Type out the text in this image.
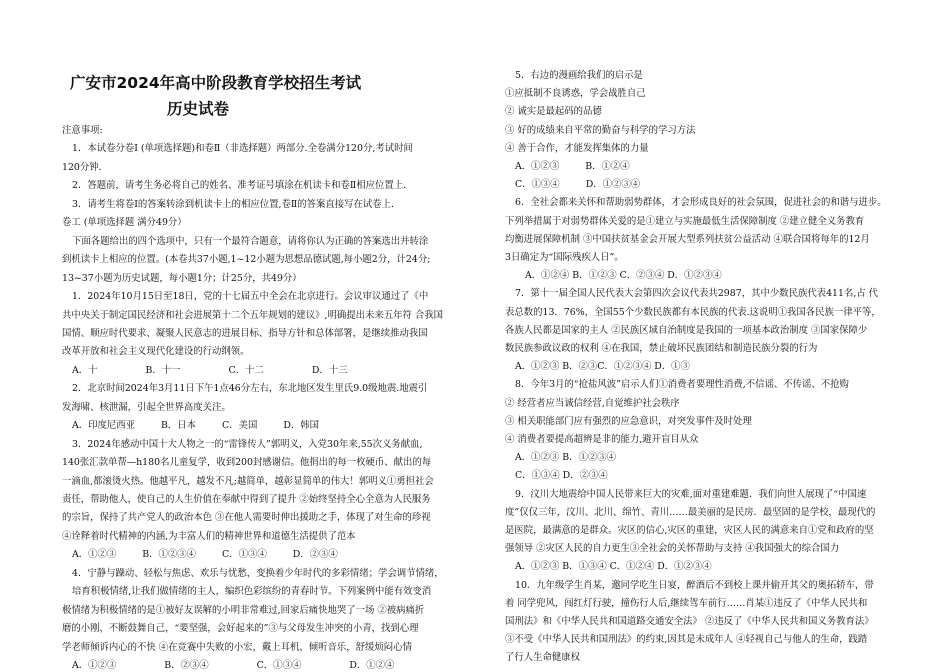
广安市2024年高中阶段教育学校招生考试
历史试卷
注意事项:
1．本试卷分卷Ⅰ (单项选择题)和卷Ⅱ（非选择题）两部分.全卷满分120分,考试时间
120分钟．
2．答题前，请考生务必将自己的姓名、准考证号填涂在机读卡和卷Ⅱ相应位置上．
3．请考生将卷Ⅰ的答案转涂到机读卡上的相应位置,卷Ⅱ的答案直接写在试卷上．
卷工 (单项选择题 满分49分）
下面各题给出的四个选项中，只有一个最符合题意，请将你认为正确的答案选出并转涂
到机读卡上相应的位置。(本卷共37小题,1~12小题为思想品德试题,每小题2分，计24分;
13~37小题为历史试题，每小题1分；计25分，共49分）
1．2024年10月15日至18日，党的十七届五中全会在北京进行。会议审议通过了《中
共中央关于制定国民经济和社会进展第十二个五年规划的建议》,明确提出未来五年符 合我国
国情、顺应时代要求、凝聚人民意志的进展目标、指导方针和总体部署，是继续推动我国
改革开放和社会主义现代化建设的行动纲领。
A．十	B．十一	C．十二	D．十三
2．北京时间2024年3月11日下午1点46分左右，东北地区发生里氏9.0级地震.地震引
发海啸、核泄漏，引起全世界高度关注。
A．印度尼西亚	B．日本	C．美国	D．韩国
3．2024年感动中国十大人物之一的“雷锋传人”郭明义，入党30年来,55次义务献血,
140张汇款单帮—h180名儿童复学，收到200封感谢信。他捐出的每一枚硬币、献出的每
一滴血,都滚烫火热。他越平凡，越发不凡;越简单，越彰显简单的伟大！郭明义①勇担社会
责任，帮助他人，使自己的人生价值在奉献中得到了提升 ②始终坚持全心全意为人民服务
的宗旨，保持了共产党人的政治本色 ③在他人需要时伸出援助之手，体现了对生命的珍视
④诠释着时代精神的内涵,为丰富人们的精神世界和道德生活提供了范本
A．①②③	B．①②③④	C．①③④	D．②③④
4．宁静与躁动、轻松与焦虑、欢乐与忧愁，变换着少年时代的多彩情绪；学会调节情绪，
培育积极情绪,让我们做情绪的主人，编织色彩缤纷的青春时节。下列案例中能有效变消
极情绪为积极情绪的是①被好友误解的小明非常难过,回家后痛快地哭了一场 ②被病痛折
磨的小刚，不断鼓舞自己，“要坚强，会好起来的”③与父母发生冲突的小青，找到心理
学老师倾诉内心的不快 ④在竞赛中失败的小宏，戴上耳机，倾听音乐，舒缓烦闷心情
A．①②③	B．②③④	C．①③④	D．①②④
5．右边的漫画给我们的启示是
①应抵制不良诱惑，学会战胜自己
② 诚实是最起码的品德
③ 好的成绩来自平常的勤奋与科学的学习方法
④ 善于合作，才能发挥集体的力量
A．①②③	B．①②④
C．①③④	D．①②③④
6．全社会都来关怀和帮助弱势群体，才会形成良好的社会氛围，促进社会的和谐与进步。
下列举措属于对弱势群体关爱的是①建立与实施最低生活保障制度 ②建立健全义务教育
均衡进展保障机制 ③中国扶贫基金会开展大型系列扶贫公益活动 ④联合国将每年的12月
3日确定为“国际残疾人日”。
A．①②④ B．①②③ C．②③④ D．①②③④
7．第十一届全国人民代表大会第四次会议代表共2987，其中少数民族代表411名,占 代
表总数的13．76%，全国55个少数民族都有本民族的代表.这说明①我国各民族一律平等，
各族人民都是国家的主人 ②民族区域自治制度是我国的一项基本政治制度 ③国家保障少
数民族参政议政的权利 ④在我国，禁止破坏民族团结和制造民族分裂的行为
A．①②③ B．②③C．①②③④ D．①③
8．今年3月的“抢盐风波”启示人们①消费者要理性消费,不信谣、不传谣、不抢购
② 经营者应当诚信经营,自觉维护社会秩序
③ 相关职能部门应有强烈的应急意识，对突发事件及时处理
④ 消费者要提高超辨是非的能力,避开盲目从众
A．①②③ B．①②③④
C．①③④ D．②③④
9．汶川大地震给中国人民带来巨大的灾难,面对重建难题．我们向世人展现了“中国速
度”仅仅三年，汶川、北川、绵竹、青川……最美丽的是民房．最坚固的是学校，最现代的
是医院，最满意的是群众。灾区的信心,灾区的重建，灾区人民的满意来自①党和政府的坚
强领导 ②灾区人民的自力更生③全社会的关怀帮助与支持 ④我国强大的综合国力
A．①②③ B．①③④ C．①②④ D．①②③④
10．九年级学生肖某，邀同学吃生日宴，醉酒后不到校上课并偷开其父的奥拓轿车，带
着 同学兜风，闯红灯行驶，撞伤行人后,继续驾车前行……肖某①违反了《中华人民共和
国刑法》和《中华人民共和国道路交通安全法》 ②违反了《中华人民共和国义务教育法》
③不受《中华人民共和国刑法》的约束,因其是未成年人 ④轻视自己与他人的生命，践踏
了行人生命健康权
